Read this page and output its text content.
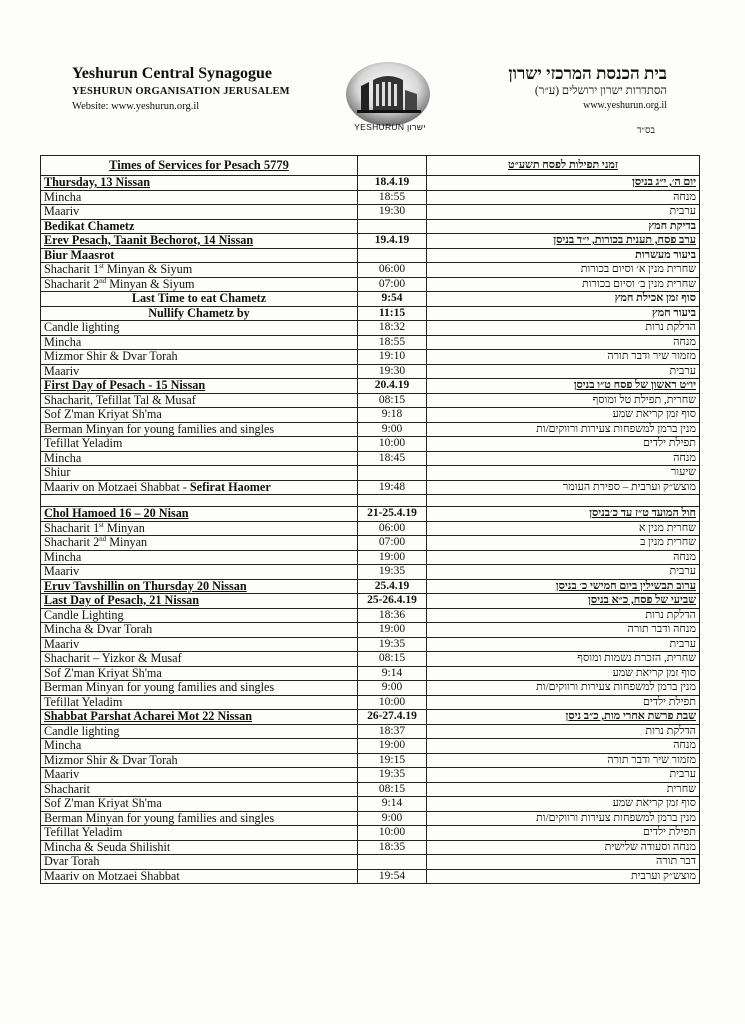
Yeshurun Central Synagogue
YESHURUN ORGANISATION JERUSALEM
Website: www.yeshurun.org.il
YESHURUN ישרון
בית הכנסת המרכזי ישרון
הסתדרות ישרון ירושלים (ע״ר)
www.yeshurun.org.il
בס״ד
Times of Services for Pesach 5779		זמני תפילות לפסח תשע״ט
Thursday, 13 Nissan	18.4.19	יום ה׳, י״ג בניסן
Mincha	18:55	מנחה
Maariv	19:30	ערבית
Bedikat Chametz		בדיקת חמץ
Erev Pesach, Taanit Bechorot, 14 Nissan	19.4.19	ערב פסח, תענית בכורות, י״ד בניסן
Biur Maasrot		ביעור מעשרות
Shacharit 1st Minyan & Siyum	06:00	שחרית מנין א׳ וסיום בכורות
Shacharit 2nd Minyan & Siyum	07:00	שחרית מנין ב׳ וסיום בכורות
Last Time to eat Chametz	9:54	סוף זמן אכילת חמץ
Nullify Chametz by	11:15	ביעור חמץ
Candle lighting	18:32	הדלקת נרות
Mincha	18:55	מנחה
Mizmor Shir & Dvar Torah	19:10	מזמור שיר ודבר תורה
Maariv	19:30	ערבית
First Day of Pesach - 15 Nissan	20.4.19	יו״ט ראשון של פסח ט״ו בניסן
Shacharit, Tefillat Tal & Musaf	08:15	שחרית, תפילת טל ומוסף
Sof Z'man Kriyat Sh'ma	9:18	סוף זמן קריאת שמע
Berman Minyan for young families and singles	9:00	מנין ברמן למשפחות צעירות ורווקים/ות
Tefillat Yeladim	10:00	תפילת ילדים
Mincha	18:45	מנחה
Shiur		שיעור
Maariv on Motzaei Shabbat - Sefirat Haomer	19:48	מוצש״ק וערבית – ספירת העומר

Chol Hamoed 16 – 20 Nisan	21-25.4.19	חול המועד ט״ז עד כ׳בניסן
Shacharit 1st Minyan	06:00	שחרית מנין א
Shacharit 2nd Minyan	07:00	שחרית מנין ב
Mincha	19:00	מנחה
Maariv	19:35	ערבית
Eruv Tavshillin on Thursday 20 Nissan	25.4.19	ערוב תבשילין ביום חמישי כ׳ בניסן
Last Day of Pesach, 21 Nissan	25-26.4.19	שביעי של פסח, כ״א בניסן
Candle Lighting	18:36	הדלקת נרות
Mincha & Dvar Torah	19:00	מנחה ודבר תורה
Maariv	19:35	ערבית
Shacharit – Yizkor & Musaf	08:15	שחרית, הזכרת נשמות ומוסף
Sof Z'man Kriyat Sh'ma	9:14	סוף זמן קריאת שמע
Berman Minyan for young families and singles	9:00	מנין ברמן למשפחות צעירות ורווקים/ות
Tefillat Yeladim	10:00	תפילת ילדים
Shabbat Parshat Acharei Mot 22 Nissan	26-27.4.19	שבת פרשת אחרי מות, כ״ב ניסן
Candle lighting	18:37	הדלקת נרות
Mincha	19:00	מנחה
Mizmor Shir & Dvar Torah	19:15	מזמור שיר ודבר תורה
Maariv	19:35	ערבית
Shacharit	08:15	שחרית
Sof Z'man Kriyat Sh'ma	9:14	סוף זמן קריאת שמע
Berman Minyan for young families and singles	9:00	מנין ברמן למשפחות צעירות ורווקים/ות
Tefillat Yeladim	10:00	תפילת ילדים
Mincha & Seuda Shilishit	18:35	מנחה וסעודה שלישית
Dvar Torah		דבר תורה
Maariv on Motzaei Shabbat	19:54	מוצש״ק וערבית
